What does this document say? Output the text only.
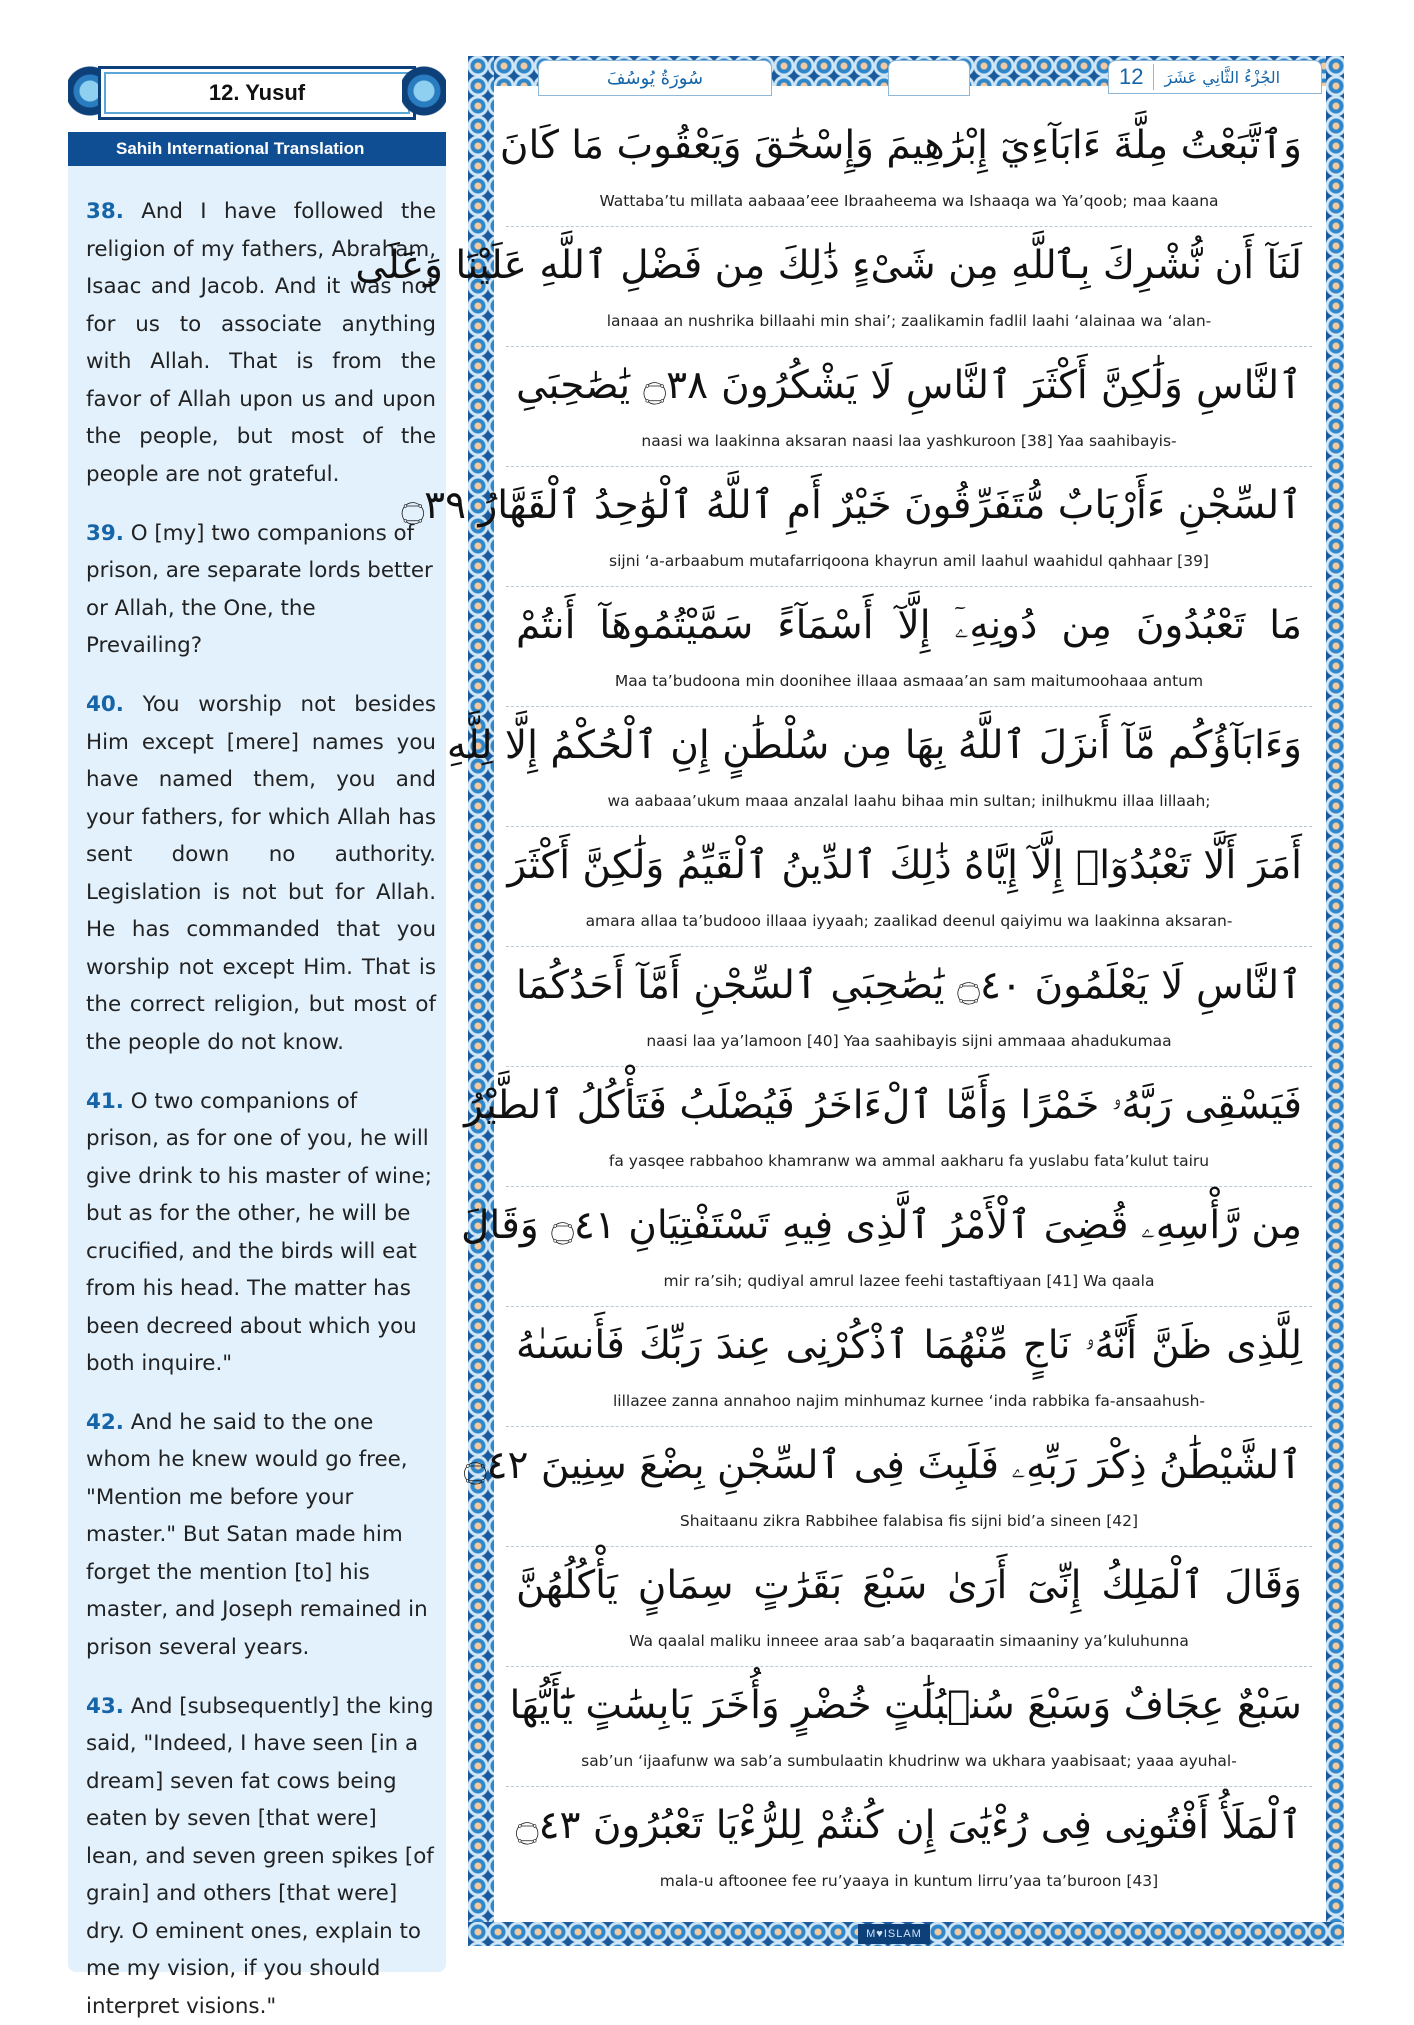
12. Yusuf
Sahih International Translation

38. And I have followed the religion of my fathers, Abraham, Isaac and Jacob. And it was not for us to associate anything with Allah. That is from the favor of Allah upon us and upon the people, but most of the people are not grateful.

39. O [my] two companions of prison, are separate lords better or Allah, the One, the Prevailing?

40. You worship not besides Him except [mere] names you have named them, you and your fathers, for which Allah has sent down no authority. Legislation is not but for Allah. He has commanded that you worship not except Him. That is the correct religion, but most of the people do not know.

41. O two companions of prison, as for one of you, he will give drink to his master of wine; but as for the other, he will be crucified, and the birds will eat from his head. The matter has been decreed about which you both inquire."

42. And he said to the one whom he knew would go free, "Mention me before your master." But Satan made him forget the mention [to] his master, and Joseph remained in prison several years.

43. And [subsequently] the king said, "Indeed, I have seen [in a dream] seven fat cows being eaten by seven [that were] lean, and seven green spikes [of grain] and others [that were] dry. O eminent ones, explain to me my vision, if you should interpret visions."

M♥ISLAM
سُورَةُ يُوسُفَ	12	الجُزْءُ الثَّانِي عَشَرَ
وَٱتَّبَعْتُ مِلَّةَ ءَابَآءِيٓ إِبْرَٰهِيمَ وَإِسْحَٰقَ وَيَعْقُوبَ مَا كَانَ
Wattaba’tu millata aabaaa’eee Ibraaheema wa Ishaaqa wa Ya’qoob; maa kaana
لَنَآ أَن نُّشْرِكَ بِٱللَّهِ مِن شَىْءٍ ذَٰلِكَ مِن فَضْلِ ٱللَّهِ عَلَيْنَا وَعَلَى
lanaaa an nushrika billaahi min shai’; zaalikamin fadlil laahi ‘alainaa wa ‘alan-
ٱلنَّاسِ وَلَٰكِنَّ أَكْثَرَ ٱلنَّاسِ لَا يَشْكُرُونَ ۝٣٨ يَٰصَٰحِبَىِ
naasi wa laakinna aksaran naasi laa yashkuroon [38] Yaa saahibayis-
ٱلسِّجْنِ ءَأَرْبَابٌ مُّتَفَرِّقُونَ خَيْرٌ أَمِ ٱللَّهُ ٱلْوَٰحِدُ ٱلْقَهَّارُ ۝٣٩
sijni ‘a-arbaabum mutafarriqoona khayrun amil laahul waahidul qahhaar [39]
مَا تَعْبُدُونَ مِن دُونِهِۦٓ إِلَّآ أَسْمَآءً سَمَّيْتُمُوهَآ أَنتُمْ
Maa ta’budoona min doonihee illaaa asmaaa’an sam maitumoohaaa antum
وَءَابَآؤُكُم مَّآ أَنزَلَ ٱللَّهُ بِهَا مِن سُلْطَٰنٍ إِنِ ٱلْحُكْمُ إِلَّا لِلَّهِ
wa aabaaa’ukum maaa anzalal laahu bihaa min sultan; inilhukmu illaa lillaah;
أَمَرَ أَلَّا تَعْبُدُوٓا۟ إِلَّآ إِيَّاهُ ذَٰلِكَ ٱلدِّينُ ٱلْقَيِّمُ وَلَٰكِنَّ أَكْثَرَ
amara allaa ta’budooo illaaa iyyaah; zaalikad deenul qaiyimu wa laakinna aksaran-
ٱلنَّاسِ لَا يَعْلَمُونَ ۝٤٠ يَٰصَٰحِبَىِ ٱلسِّجْنِ أَمَّآ أَحَدُكُمَا
naasi laa ya’lamoon [40] Yaa saahibayis sijni ammaaa ahadukumaa
فَيَسْقِى رَبَّهُۥ خَمْرًا وَأَمَّا ٱلْءَاخَرُ فَيُصْلَبُ فَتَأْكُلُ ٱلطَّيْرُ
fa yasqee rabbahoo khamranw wa ammal aakharu fa yuslabu fata’kulut tairu
مِن رَّأْسِهِۦ قُضِىَ ٱلْأَمْرُ ٱلَّذِى فِيهِ تَسْتَفْتِيَانِ ۝٤١ وَقَالَ
mir ra’sih; qudiyal amrul lazee feehi tastaftiyaan [41] Wa qaala
لِلَّذِى ظَنَّ أَنَّهُۥ نَاجٍ مِّنْهُمَا ٱذْكُرْنِى عِندَ رَبِّكَ فَأَنسَىٰهُ
lillazee zanna annahoo najim minhumaz kurnee ‘inda rabbika fa-ansaahush-
ٱلشَّيْطَٰنُ ذِكْرَ رَبِّهِۦ فَلَبِثَ فِى ٱلسِّجْنِ بِضْعَ سِنِينَ ۝٤٢
Shaitaanu zikra Rabbihee falabisa fis sijni bid’a sineen [42]
وَقَالَ ٱلْمَلِكُ إِنِّىٓ أَرَىٰ سَبْعَ بَقَرَٰتٍ سِمَانٍ يَأْكُلُهُنَّ
Wa qaalal maliku inneee araa sab’a baqaraatin simaaniny ya’kuluhunna
سَبْعٌ عِجَافٌ وَسَبْعَ سُنۢبُلَٰتٍ خُضْرٍ وَأُخَرَ يَابِسَٰتٍ يَٰٓأَيُّهَا
sab’un ‘ijaafunw wa sab’a sumbulaatin khudrinw wa ukhara yaabisaat; yaaa ayuhal-
ٱلْمَلَأُ أَفْتُونِى فِى رُءْيَٰىَ إِن كُنتُمْ لِلرُّءْيَا تَعْبُرُونَ ۝٤٣
mala-u aftoonee fee ru’yaaya in kuntum lirru’yaa ta’buroon [43]
